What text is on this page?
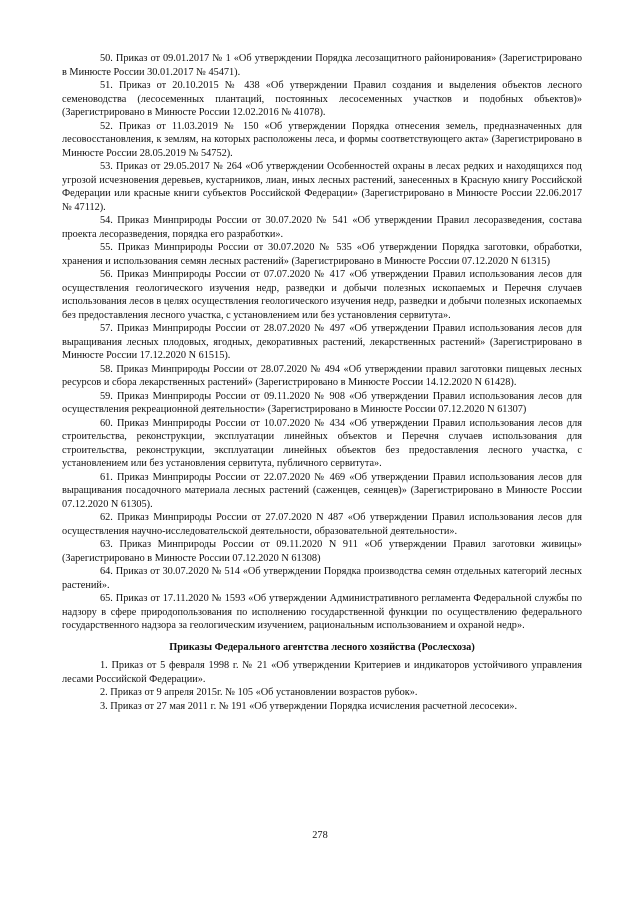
50. Приказ от 09.01.2017 № 1 «Об утверждении Порядка лесозащитного районирования» (Зарегистрировано в Минюсте России 30.01.2017 № 45471).

51. Приказ от 20.10.2015 № 438 «Об утверждении Правил создания и выделения объектов лесного семеноводства (лесосеменных плантаций, постоянных лесосеменных участков и подобных объектов)» (Зарегистрировано в Минюсте России 12.02.2016 № 41078).

52. Приказ от 11.03.2019 № 150 «Об утверждении Порядка отнесения земель, предназначенных для лесовосстановления, к землям, на которых расположены леса, и формы соответствующего акта» (Зарегистрировано в Минюсте России 28.05.2019 № 54752).

53. Приказ от 29.05.2017 № 264 «Об утверждении Особенностей охраны в лесах редких и находящихся под угрозой исчезновения деревьев, кустарников, лиан, иных лесных растений, занесенных в Красную книгу Российской Федерации или красные книги субъектов Российской Федерации» (Зарегистрировано в Минюсте России 22.06.2017 № 47112).

54. Приказ Минприроды России от 30.07.2020 № 541 «Об утверждении Правил лесоразведения, состава проекта лесоразведения, порядка его разработки».

55. Приказ Минприроды России от 30.07.2020 № 535 «Об утверждении Порядка заготовки, обработки, хранения и использования семян лесных растений» (Зарегистрировано в Минюсте России 07.12.2020 N 61315)

56. Приказ Минприроды России от 07.07.2020 № 417 «Об утверждении Правил использования лесов для осуществления геологического изучения недр, разведки и добычи полезных ископаемых и Перечня случаев использования лесов в целях осуществления геологического изучения недр, разведки и добычи полезных ископаемых без предоставления лесного участка, с установлением или без установления сервитута».

57. Приказ Минприроды России от 28.07.2020 № 497 «Об утверждении Правил использования лесов для выращивания лесных плодовых, ягодных, декоративных растений, лекарственных растений» (Зарегистрировано в Минюсте России 17.12.2020 N 61515).

58. Приказ Минприроды России от 28.07.2020 № 494 «Об утверждении правил заготовки пищевых лесных ресурсов и сбора лекарственных растений» (Зарегистрировано в Минюсте России 14.12.2020 N 61428).

59. Приказ Минприроды России от 09.11.2020 № 908 «Об утверждении Правил использования лесов для осуществления рекреационной деятельности» (Зарегистрировано в Минюсте России 07.12.2020 N 61307)

60. Приказ Минприроды России от 10.07.2020 № 434 «Об утверждении Правил использования лесов для строительства, реконструкции, эксплуатации линейных объектов и Перечня случаев использования для строительства, реконструкции, эксплуатации линейных объектов без предоставления лесного участка, с установлением или без установления сервитута, публичного сервитута».

61. Приказ Минприроды России от 22.07.2020 № 469 «Об утверждении Правил использования лесов для выращивания посадочного материала лесных растений (саженцев, сеянцев)» (Зарегистрировано в Минюсте России 07.12.2020 N 61305).

62. Приказ Минприроды России от 27.07.2020 N 487 «Об утверждении Правил использования лесов для осуществления научно-исследовательской деятельности, образовательной деятельности».

63. Приказ Минприроды России от 09.11.2020 N 911 «Об утверждении Правил заготовки живицы» (Зарегистрировано в Минюсте России 07.12.2020 N 61308)

64. Приказ от 30.07.2020 № 514 «Об утверждении Порядка производства семян отдельных категорий лесных растений».

65. Приказ от 17.11.2020 № 1593 «Об утверждении Административного регламента Федеральной службы по надзору в сфере природопользования по исполнению государственной функции по осуществлению федерального государственного надзора за геологическим изучением, рациональным использованием и охраной недр».

Приказы Федерального агентства лесного хозяйства (Рослесхоза)

1. Приказ от 5 февраля 1998 г. № 21 «Об утверждении Критериев и индикаторов устойчивого управления лесами Российской Федерации».

2. Приказ от 9 апреля 2015г. № 105 «Об установлении возрастов рубок».

3. Приказ от 27 мая 2011 г. № 191 «Об утверждении Порядка исчисления расчетной лесосеки».

278
